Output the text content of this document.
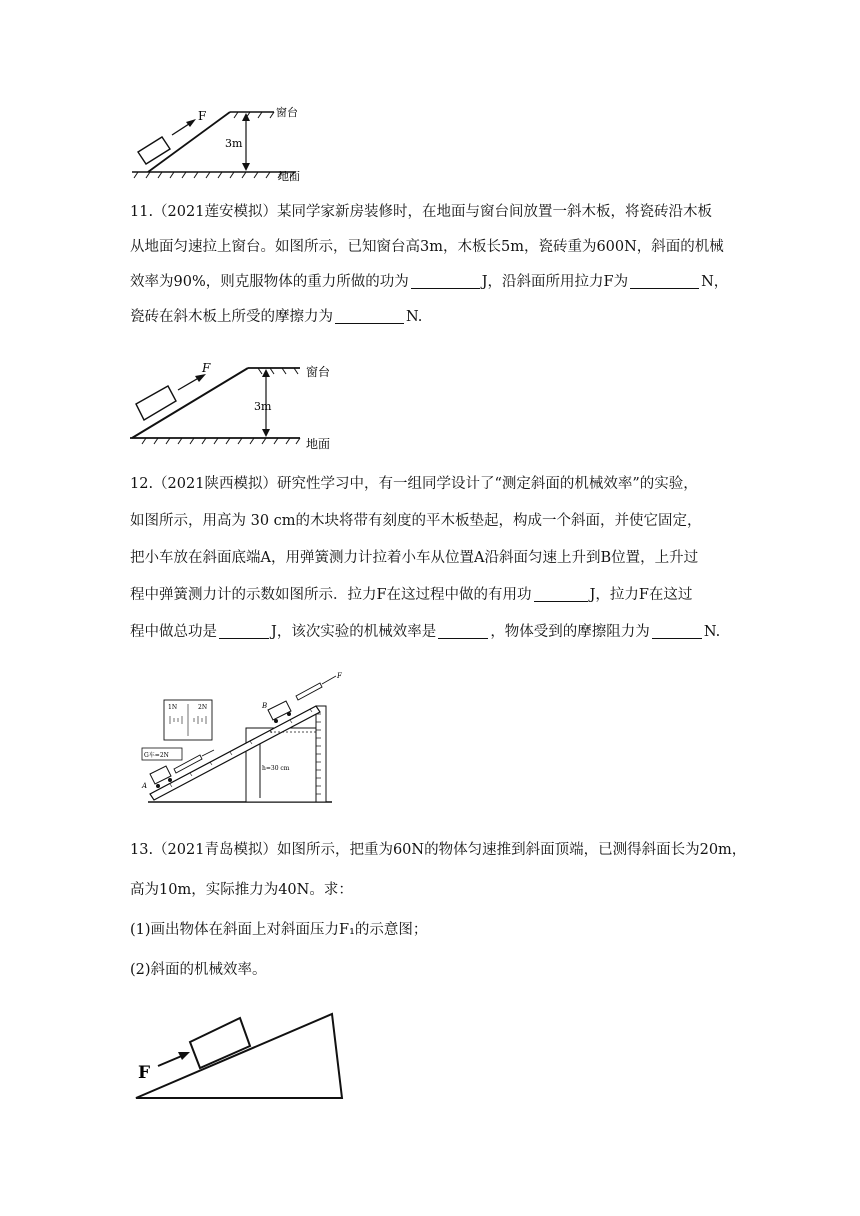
F
3m
窗台
地面

11.（2021莲安模拟）某同学家新房装修时，在地面与窗台间放置一斜木板，将瓷砖沿木板

从地面匀速拉上窗台。如图所示，已知窗台高3m，木板长5m，瓷砖重为600N，斜面的机械

效率为90%，则克服物体的重力所做的功为	J，沿斜面所用拉力F为	N，

瓷砖在斜木板上所受的摩擦力为	N.

F
3m
窗台
地面

12.（2021陕西模拟）研究性学习中，有一组同学设计了“测定斜面的机械效率”的实验，

如图所示，用高为 30 cm的木块将带有刻度的平木板垫起，构成一个斜面，并使它固定，

把小车放在斜面底端A，用弹簧测力计拉着小车从位置A沿斜面匀速上升到B位置，上升过

程中弹簧测力计的示数如图所示．拉力F在这过程中做的有用功	J，拉力F在这过

程中做总功是	J，该次实验的机械效率是	，物体受到的摩擦阻力为	N.

1N	2N
G车=2N
h=30 cm
A
B
F

13.（2021青岛模拟）如图所示，把重为60N的物体匀速推到斜面顶端，已测得斜面长为20m，

高为10m，实际推力为40N。求：

(1)画出物体在斜面上对斜面压力F₁的示意图；

(2)斜面的机械效率。

F
